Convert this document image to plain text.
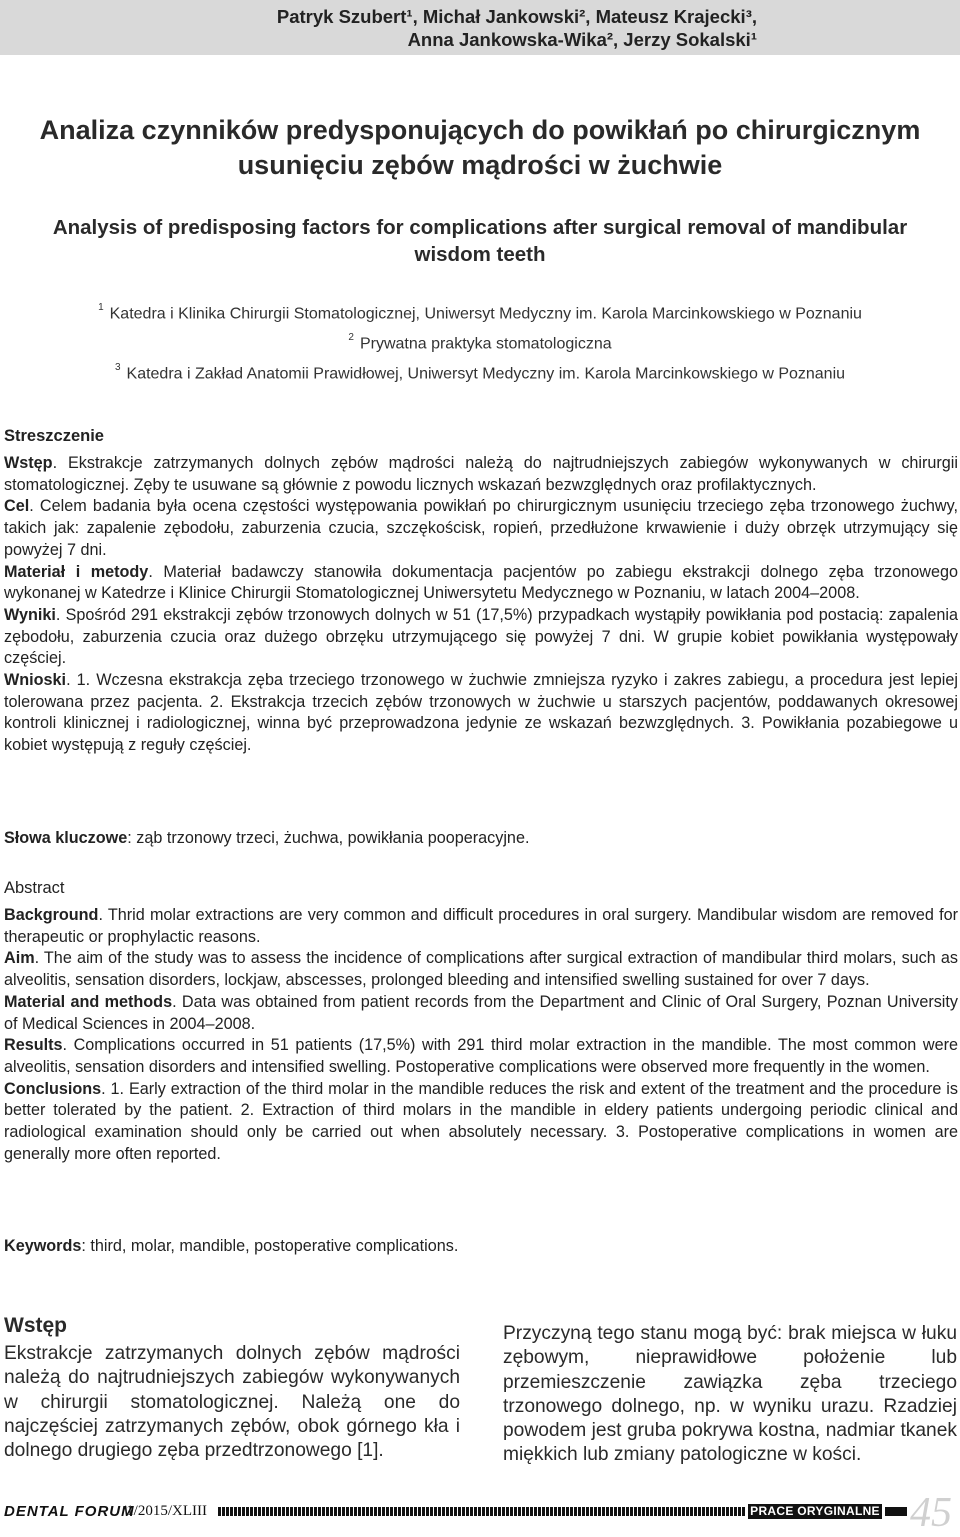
Patryk Szubert¹, Michał Jankowski², Mateusz Krajecki³,
Anna Jankowska-Wika², Jerzy Sokalski¹
Analiza czynników predysponujących do powikłań po chirurgicznym
usunięciu zębów mądrości w żuchwie
Analysis of predisposing factors for complications after surgical removal of mandibular
wisdom teeth
$^1$ Katedra i Klinika Chirurgii Stomatologicznej, Uniwersyt Medyczny im. Karola Marcinkowskiego w Poznaniu
$^2$ Prywatna praktyka stomatologiczna
$^3$ Katedra i Zakład Anatomii Prawidłowej, Uniwersyt Medyczny im. Karola Marcinkowskiego w Poznaniu
Streszczenie

Wstęp. Ekstrakcje zatrzymanych dolnych zębów mądrości należą do najtrudniejszych zabiegów wykonywanych w chirurgii stomatologicznej. Zęby te usuwane są głównie z powodu licznych wskazań bezwzględnych oraz profilaktycznych.

Cel. Celem badania była ocena częstości występowania powikłań po chirurgicznym usunięciu trzeciego zęba trzonowego żuchwy, takich jak: zapalenie zębodołu, zaburzenia czucia, szczękościsk, ropień, przedłużone krwawienie i duży obrzęk utrzymujący się powyżej 7 dni.

Materiał i metody. Materiał badawczy stanowiła dokumentacja pacjentów po zabiegu ekstrakcji dolnego zęba trzonowego wykonanej w Katedrze i Klinice Chirurgii Stomatologicznej Uniwersytetu Medycznego w Poznaniu, w latach 2004–2008.

Wyniki. Spośród 291 ekstrakcji zębów trzonowych dolnych w 51 (17,5%) przypadkach wystąpiły powikłania pod postacią: zapalenia zębodołu, zaburzenia czucia oraz dużego obrzęku utrzymującego się powyżej 7 dni. W grupie kobiet powikłania występowały częściej.

Wnioski. 1. Wczesna ekstrakcja zęba trzeciego trzonowego w żuchwie zmniejsza ryzyko i zakres zabiegu, a procedura jest lepiej tolerowana przez pacjenta. 2. Ekstrakcja trzecich zębów trzonowych w żuchwie u starszych pacjentów, poddawanych okresowej kontroli klinicznej i radiologicznej, winna być przeprowadzona jedynie ze wskazań bezwzględnych. 3. Powikłania pozabiegowe u kobiet występują z reguły częściej.

Słowa kluczowe: ząb trzonowy trzeci, żuchwa, powikłania pooperacyjne.
Abstract

Background. Thrid molar extractions are very common and difficult procedures in oral surgery. Mandibular wisdom are removed for therapeutic or prophylactic reasons.

Aim. The aim of the study was to assess the incidence of complications after surgical extraction of mandibular third molars, such as alveolitis, sensation disorders, lockjaw, abscesses, prolonged bleeding and intensified swelling sustained for over 7 days.

Material and methods. Data was obtained from patient records from the Department and Clinic of Oral Surgery, Poznan University of Medical Sciences in 2004–2008.

Results. Complications occurred in 51 patients (17,5%) with 291 third molar extraction in the mandible. The most common were alveolitis, sensation disorders and intensified swelling. Postoperative complications were observed more frequently in the women.

Conclusions. 1. Early extraction of the third molar in the mandible reduces the risk and extent of the treatment and the procedure is better tolerated by the patient. 2. Extraction of third molars in the mandible in eldery patients undergoing periodic clinical and radiological examination should only be carried out when absolutely necessary. 3. Postoperative complications in women are generally more often reported.

Keywords: third, molar, mandible, postoperative complications.
Wstęp

Ekstrakcje zatrzymanych dolnych zębów mądrości należą do najtrudniejszych zabiegów wykonywanych w chirurgii stomatologicznej. Należą one do najczęściej zatrzymanych zębów, obok górnego kła i dolnego drugiego zęba przedtrzonowego [1].

Przyczyną tego stanu mogą być: brak miejsca w łuku zębowym, nieprawidłowe położenie lub przemieszczenie zawiązka zęba trzeciego trzonowego dolnego, np. w wyniku urazu. Rzadziej powodem jest gruba pokrywa kostna, nadmiar tkanek miękkich lub zmiany patologiczne w kości.

DENTAL FORUM
/1/2015/XLIII	PRACE ORYGINALNE 45
